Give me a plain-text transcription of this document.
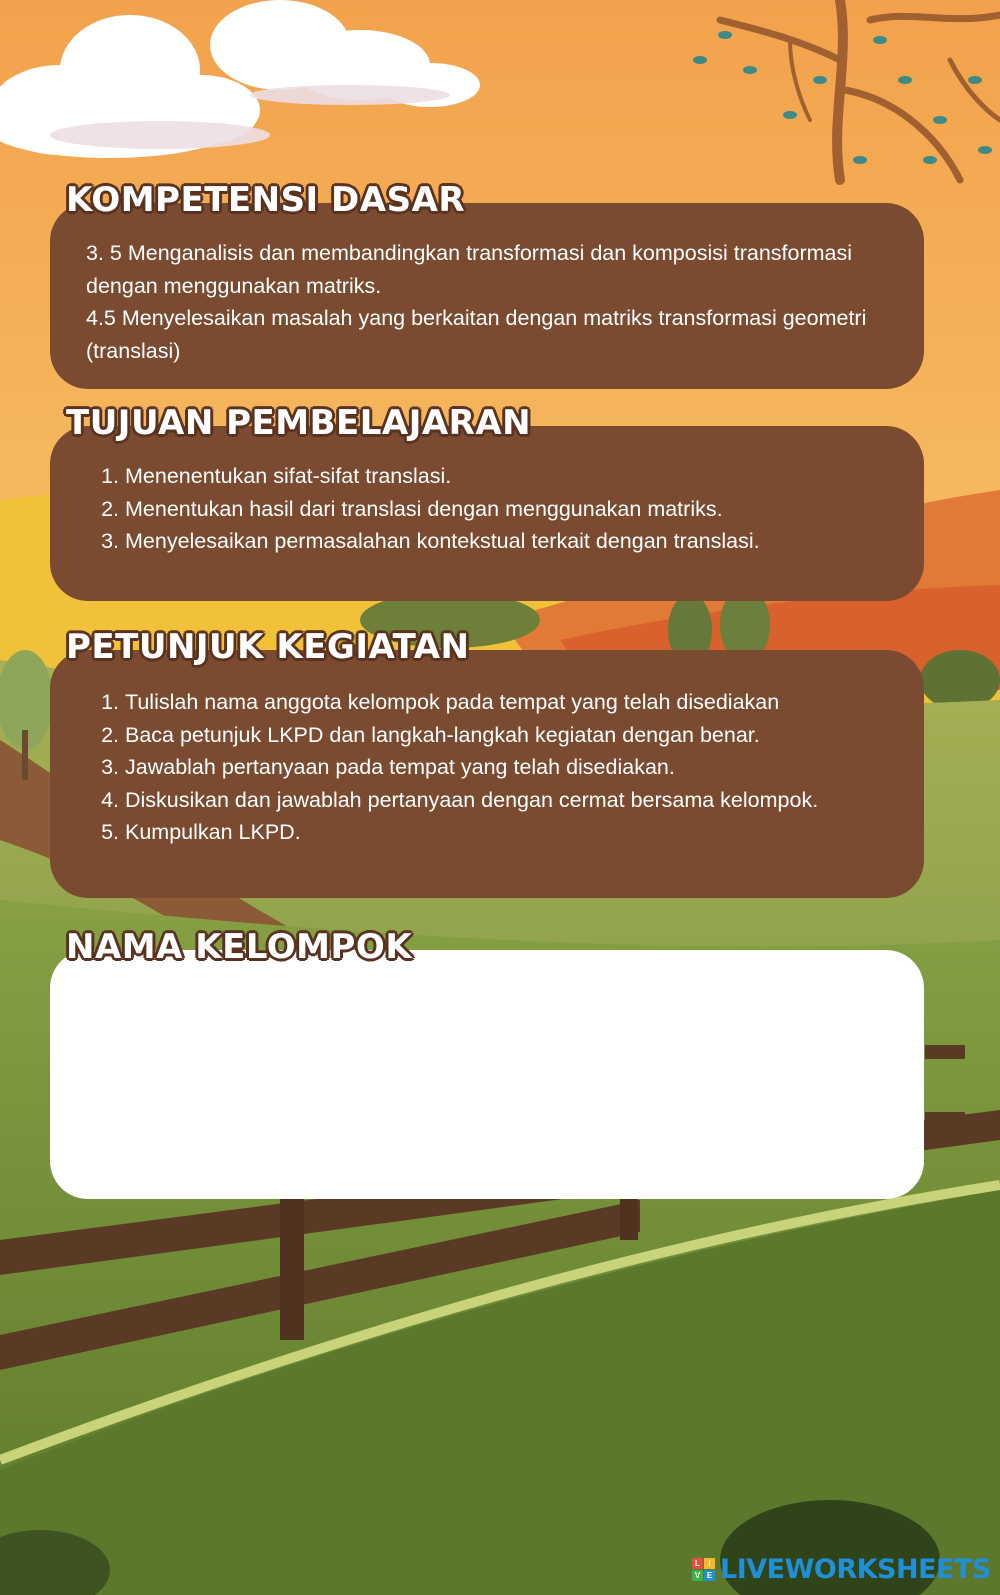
KOMPETENSI DASAR

3. 5 Menganalisis dan membandingkan transformasi dan komposisi transformasi dengan menggunakan matriks.

4.5 Menyelesaikan masalah yang berkaitan dengan matriks transformasi geometri (translasi)

TUJUAN PEMBELAJARAN
1. Menenentukan sifat-sifat translasi.
2. Menentukan hasil dari translasi dengan menggunakan matriks.
3. Menyelesaikan permasalahan kontekstual terkait dengan translasi.
PETUNJUK KEGIATAN
1. Tulislah nama anggota kelompok pada tempat yang telah disediakan
2. Baca petunjuk LKPD dan langkah-langkah kegiatan dengan benar.
3. Jawablah pertanyaan pada tempat yang telah disediakan.
4. Diskusikan dan jawablah pertanyaan dengan cermat bersama kelompok.
5. Kumpulkan LKPD.
NAMA KELOMPOK
L	I
V E LIVEWORKSHEETS
